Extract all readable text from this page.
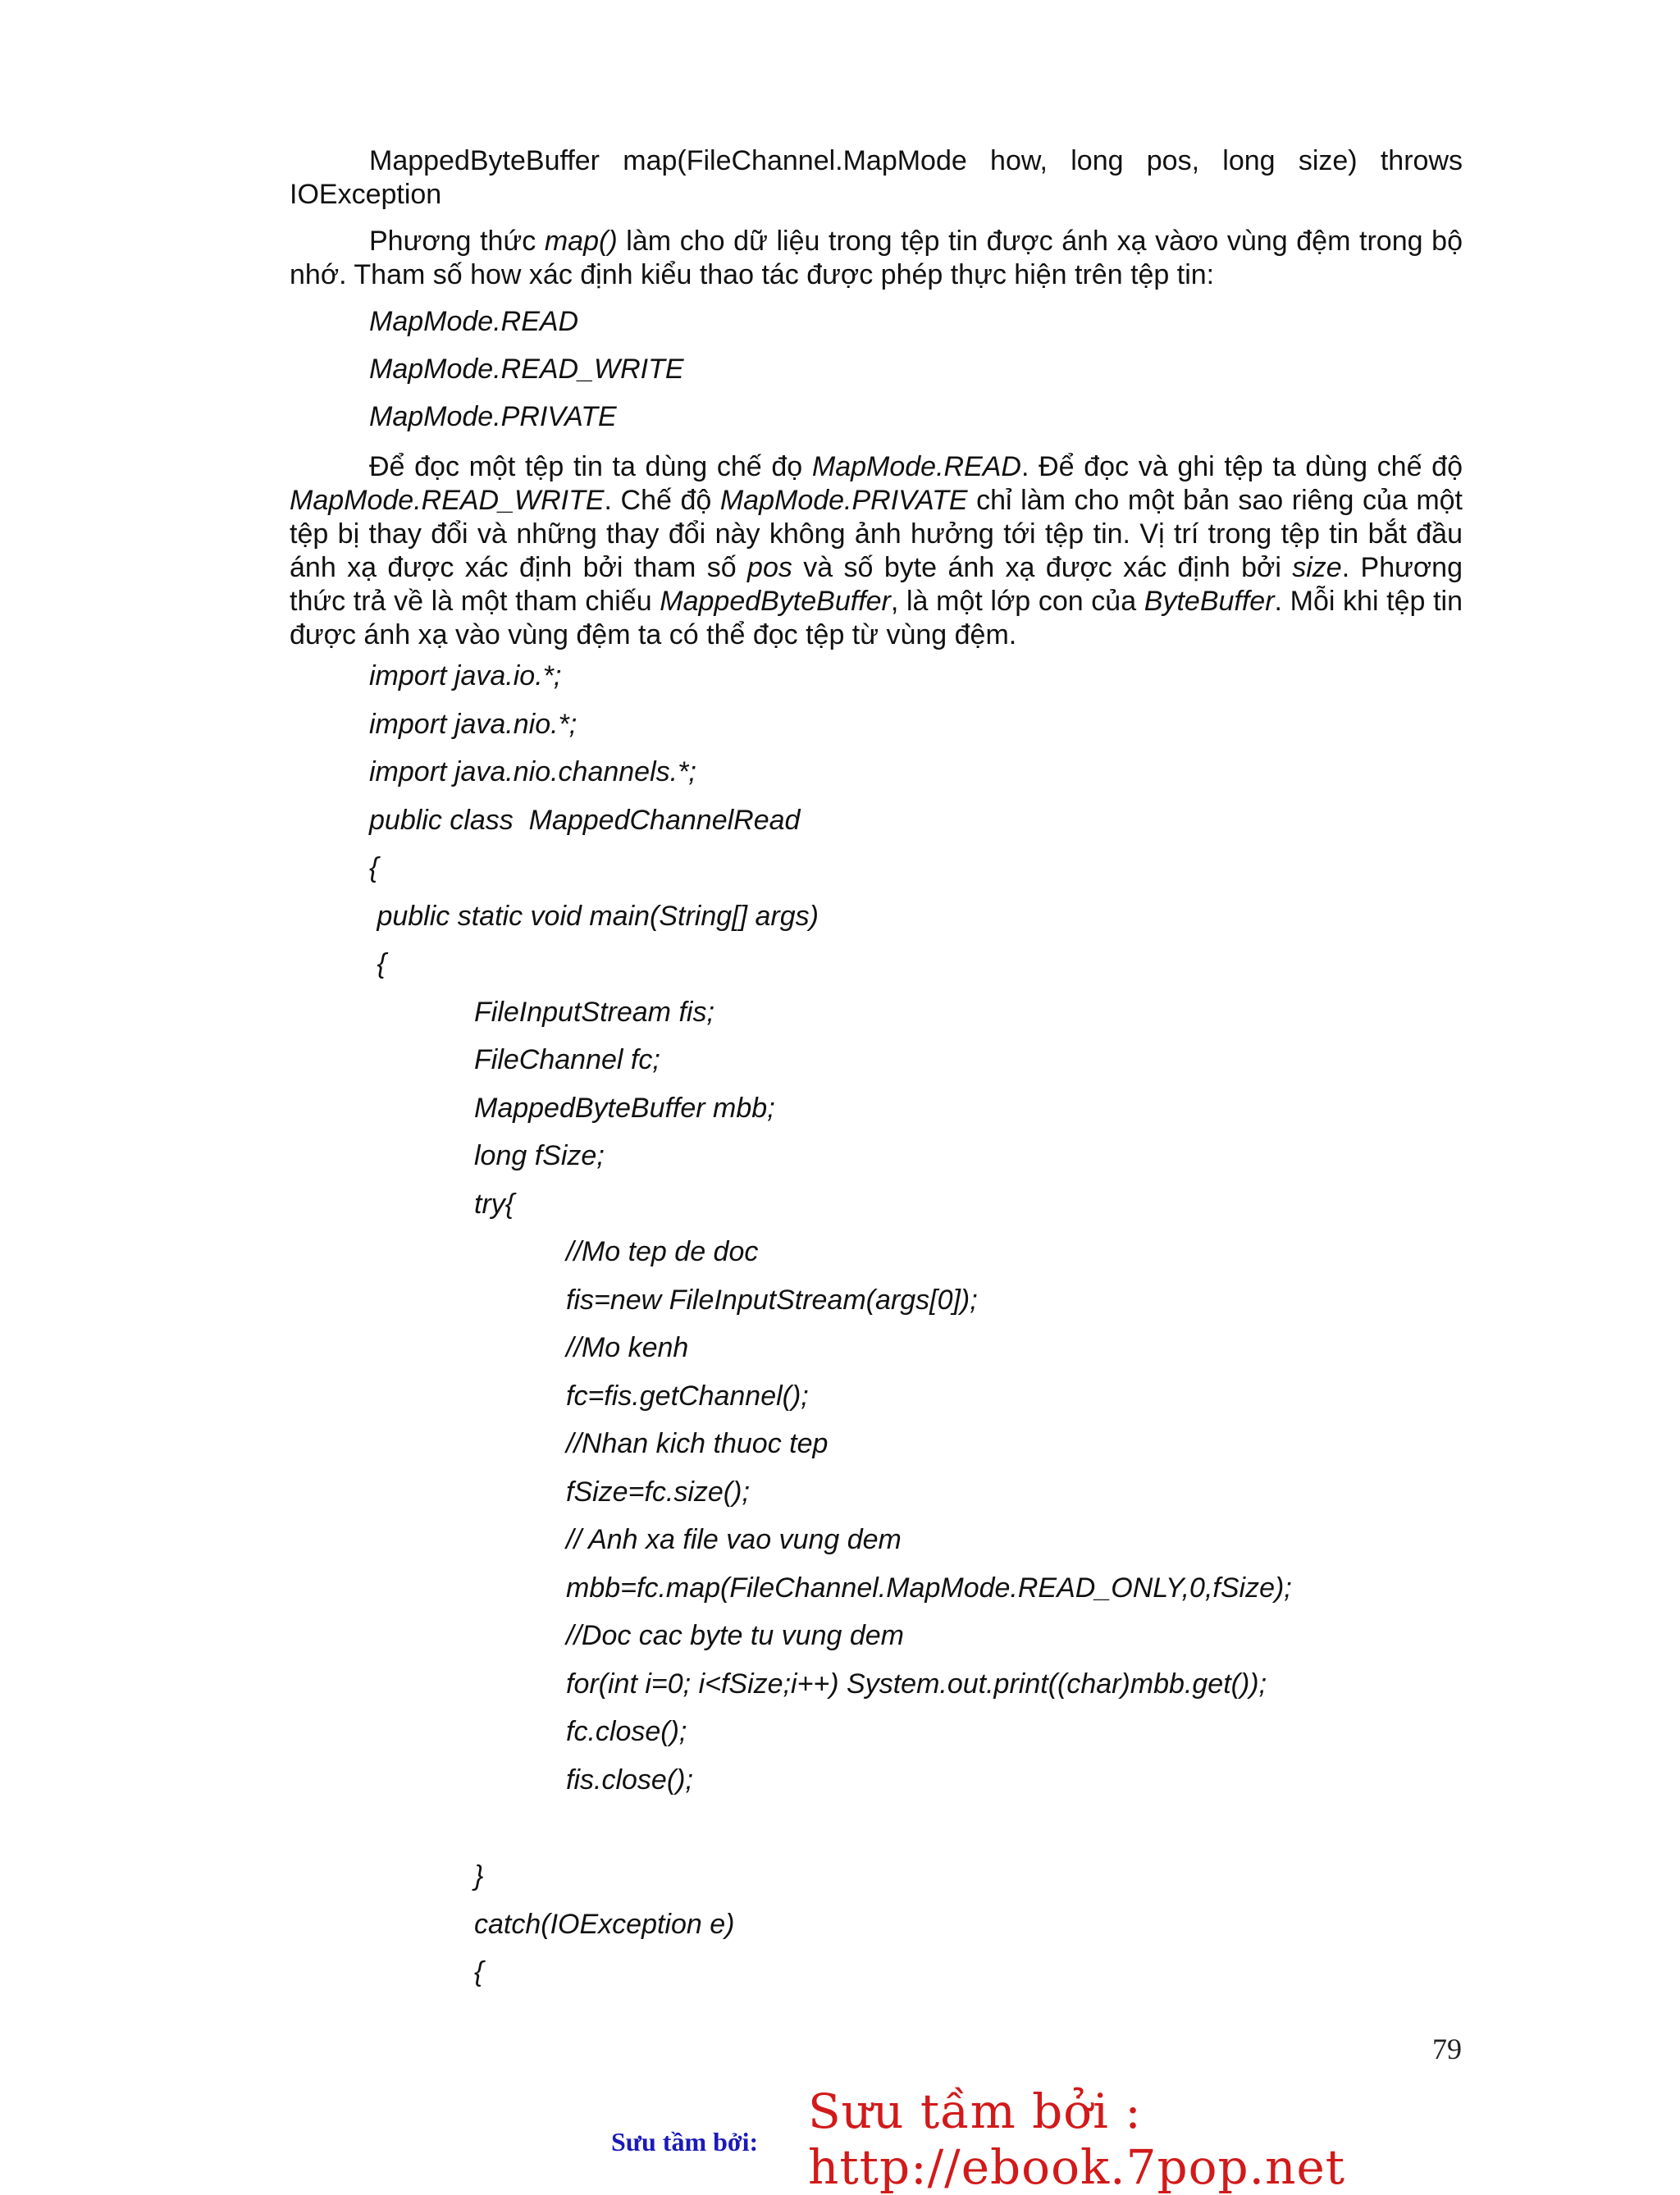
MappedByteBuffer map(FileChannel.MapMode how, long pos, long size) throws
IOException
Phương thức map() làm cho dữ liệu trong tệp tin được ánh xạ vàơo vùng đệm trong bộ nhớ. Tham số how xác định kiểu thao tác được phép thực hiện trên tệp tin:
MapMode.READ
MapMode.READ_WRITE
MapMode.PRIVATE
Để đọc một tệp tin ta dùng chế đọ MapMode.READ. Để đọc và ghi tệp ta dùng chế độ MapMode.READ_WRITE. Chế độ MapMode.PRIVATE chỉ làm cho một bản sao riêng của một tệp bị thay đổi và những thay đổi này không ảnh hưởng tới tệp tin. Vị trí trong tệp tin bắt đầu ánh xạ được xác định bởi tham số pos và số byte ánh xạ được xác định bởi size. Phương thức trả về là một tham chiếu MappedByteBuffer, là một lớp con của ByteBuffer. Mỗi khi tệp tin được ánh xạ vào vùng đệm ta có thể đọc tệp từ vùng đệm.
import java.io.*;
import java.nio.*;
import java.nio.channels.*;
public class  MappedChannelRead
{
public static void main(String[] args)
{
FileInputStream fis;
FileChannel fc;
MappedByteBuffer mbb;
long fSize;
try{
//Mo tep de doc
fis=new FileInputStream(args[0]);
//Mo kenh
fc=fis.getChannel();
//Nhan kich thuoc tep
fSize=fc.size();
// Anh xa file vao vung dem
mbb=fc.map(FileChannel.MapMode.READ_ONLY,0,fSize);
//Doc cac byte tu vung dem
for(int i=0; i<fSize;i++) System.out.print((char)mbb.get());
fc.close();
fis.close();
}
catch(IOException e)
{
79
Sưu tầm bởi:
Sưu tầm bởi : http://ebook.7pop.net
